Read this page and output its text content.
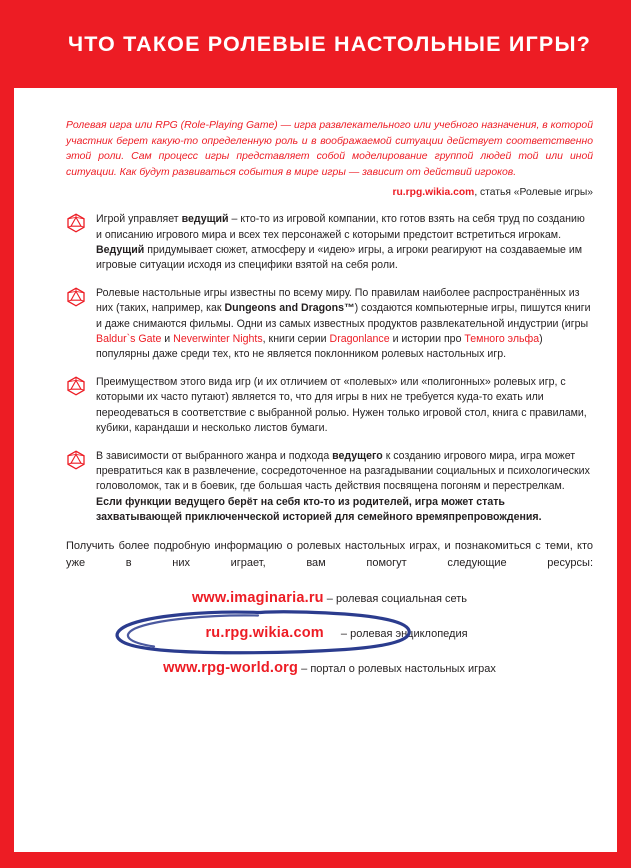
ЧТО ТАКОЕ РОЛЕВЫЕ НАСТОЛЬНЫЕ ИГРЫ?
Ролевая игра или RPG (Role-Playing Game) — игра развлекательного или учебного назначения, в которой участник берет какую-то определенную роль и в воображаемой ситуации действует соответственно этой роли. Сам процесс игры представляет собой моделирование группой людей той или иной ситуации. Как будут развиваться события в мире игры — зависит от действий игроков.
ru.rpg.wikia.com, статья «Ролевые игры»
Игрой управляет ведущий – кто-то из игровой компании, кто готов взять на себя труд по созданию и описанию игрового мира и всех тех персонажей с которыми предстоит встретиться игрокам. Ведущий придумывает сюжет, атмосферу и «идею» игры, а игроки реагируют на создаваемые им игровые ситуации исходя из специфики взятой на себя роли.
Ролевые настольные игры известны по всему миру. По правилам наиболее распространённых из них (таких, например, как Dungeons and Dragons™) создаются компьютерные игры, пишутся книги и даже снимаются фильмы. Одни из самых известных продуктов развлекательной индустрии (игры Baldur`s Gate и Neverwinter Nights, книги серии Dragonlance и истории про Темного эльфа) популярны даже среди тех, кто не является поклонником ролевых настольных игр.
Преимуществом этого вида игр (и их отличием от «полевых» или «полигонных» ролевых игр, с которыми их часто путают) является то, что для игры в них не требуется куда-то ехать или переодеваться в соответствие с выбранной ролью. Нужен только игровой стол, книга с правилами, кубики, карандаши и несколько листов бумаги.
В зависимости от выбранного жанра и подхода ведущего к созданию игрового мира, игра может превратиться как в развлечение, сосредоточенное на разгадывании социальных и психологических головоломок, так и в боевик, где большая часть действия посвящена погоням и перестрелкам. Если функции ведущего берёт на себя кто-то из родителей, игра может стать захватывающей приключенческой историей для семейного времяпрепровождения.
Получить более подробную информацию о ролевых настольных играх, и познакомиться с теми, кто уже в них играет, вам помогут следующие ресурсы:
www.imaginaria.ru – ролевая социальная сеть
ru.rpg.wikia.com – ролевая энциклопедия
www.rpg-world.org – портал о ролевых настольных играх
